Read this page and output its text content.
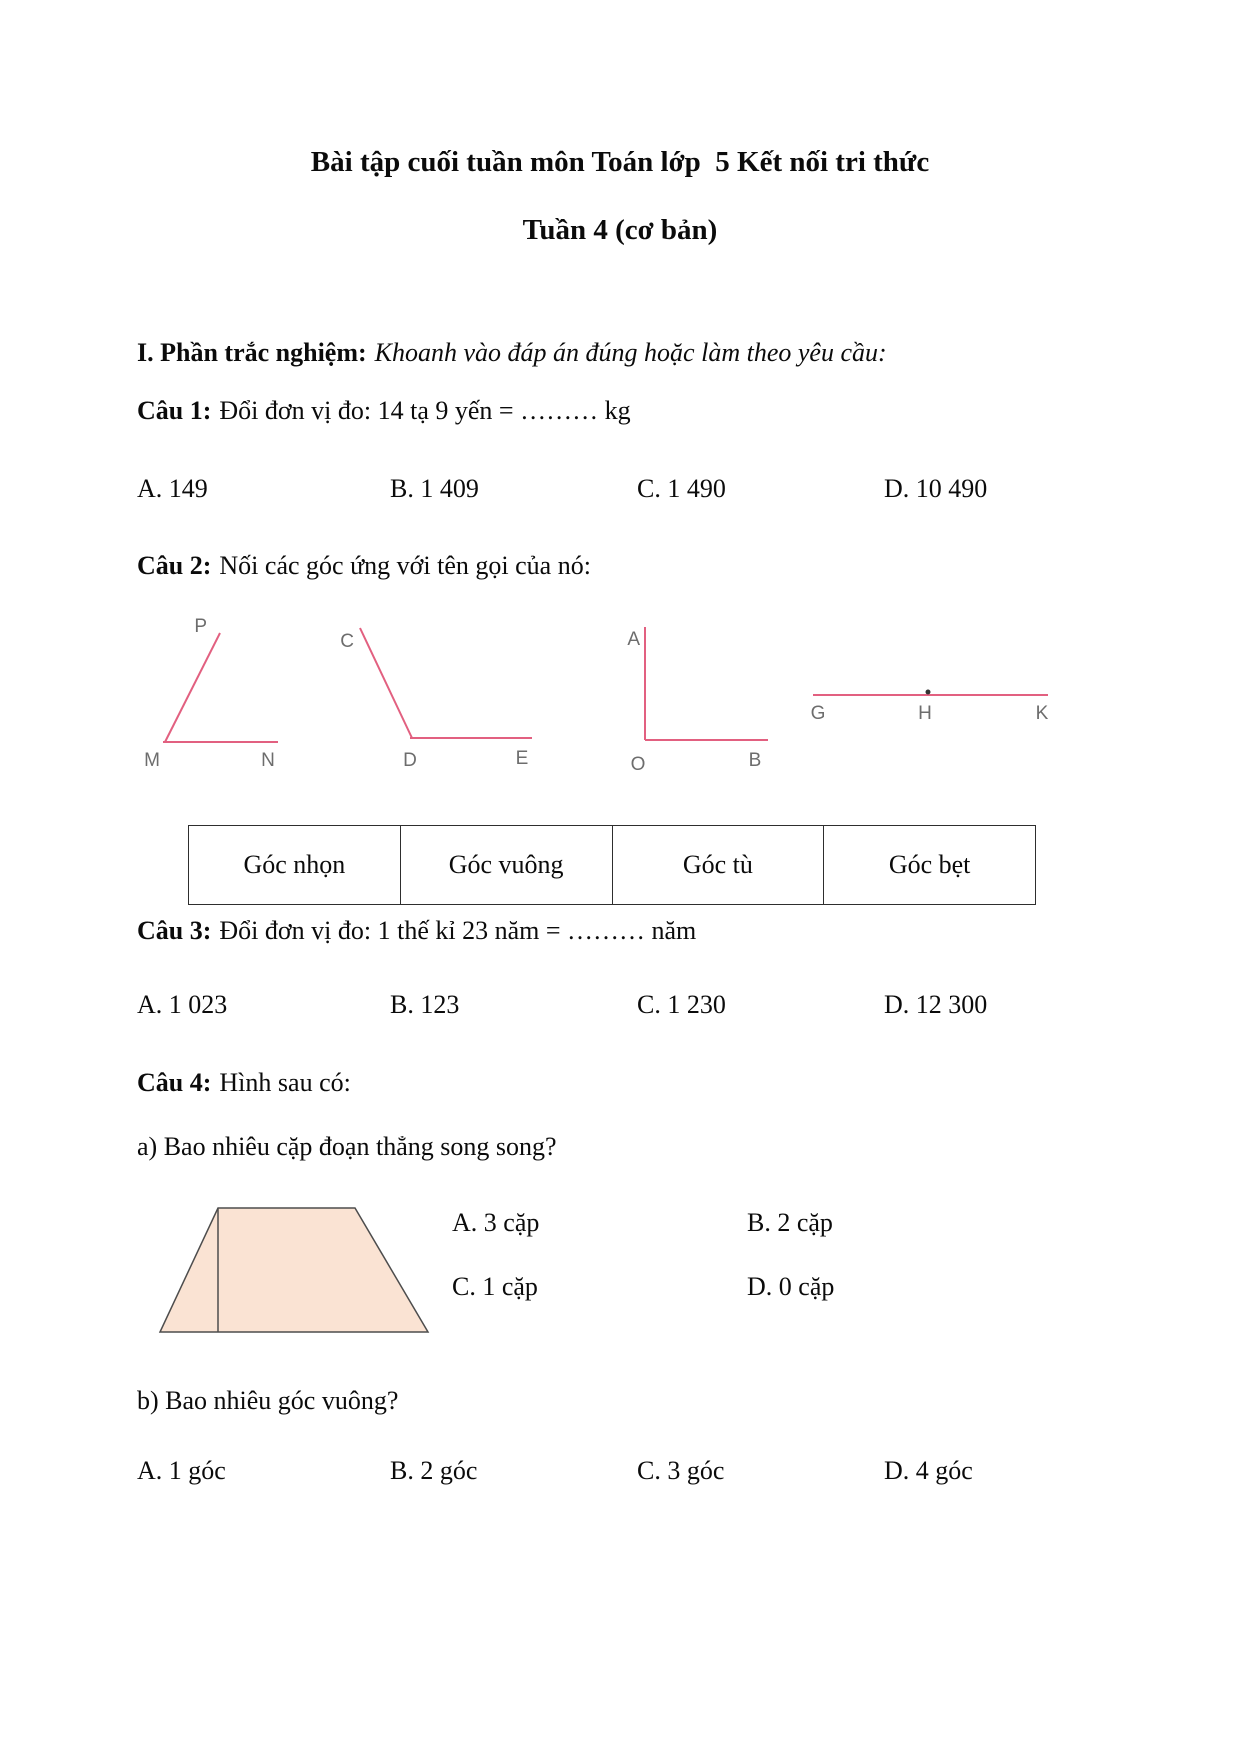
Bài tập cuối tuần môn Toán lớp  5 Kết nối tri thức
Tuần 4 (cơ bản)
I. Phần trắc nghiệm: Khoanh vào đáp án đúng hoặc làm theo yêu cầu:
Câu 1: Đổi đơn vị đo: 14 tạ 9 yến = ……… kg
A. 149	B. 1 409	C. 1 490	D. 10 490
Câu 2: Nối các góc ứng với tên gọi của nó:
P
M	N
C
D	E
A
O	B
G	H	K
Góc nhọn	Góc vuông	Góc tù	Góc bẹt
Câu 3: Đổi đơn vị đo: 1 thế kỉ 23 năm = ……… năm
A. 1 023	B. 123	C. 1 230	D. 12 300
Câu 4: Hình sau có:
a) Bao nhiêu cặp đoạn thẳng song song?
A. 3 cặp	B. 2 cặp
C. 1 cặp	D. 0 cặp
b) Bao nhiêu góc vuông?
A. 1 góc	B. 2 góc	C. 3 góc	D. 4 góc
